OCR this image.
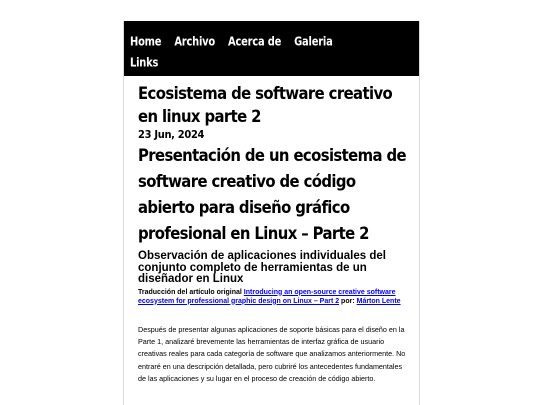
Home Archivo Acerca de Galeria
Links
Ecosistema de software creativo en linux parte 2

23 Jun, 2024

Presentación de un ecosistema de software creativo de código abierto para diseño gráfico profesional en Linux – Parte 2
Observación de aplicaciones individuales del conjunto completo de herramientas de un diseñador en Linux

Traducción del artículo original Introducing an open-source creative software ecosystem for professional graphic design on Linux – Part 2 por: Márton Lente

Después de presentar algunas aplicaciones de soporte básicas para el diseño en la Parte 1, analizaré brevemente las herramientas de interfaz gráfica de usuario creativas reales para cada categoría de software que analizamos anteriormente. No entraré en una descripción detallada, pero cubriré los antecedentes fundamentales de las aplicaciones y su lugar en el proceso de creación de código abierto.
